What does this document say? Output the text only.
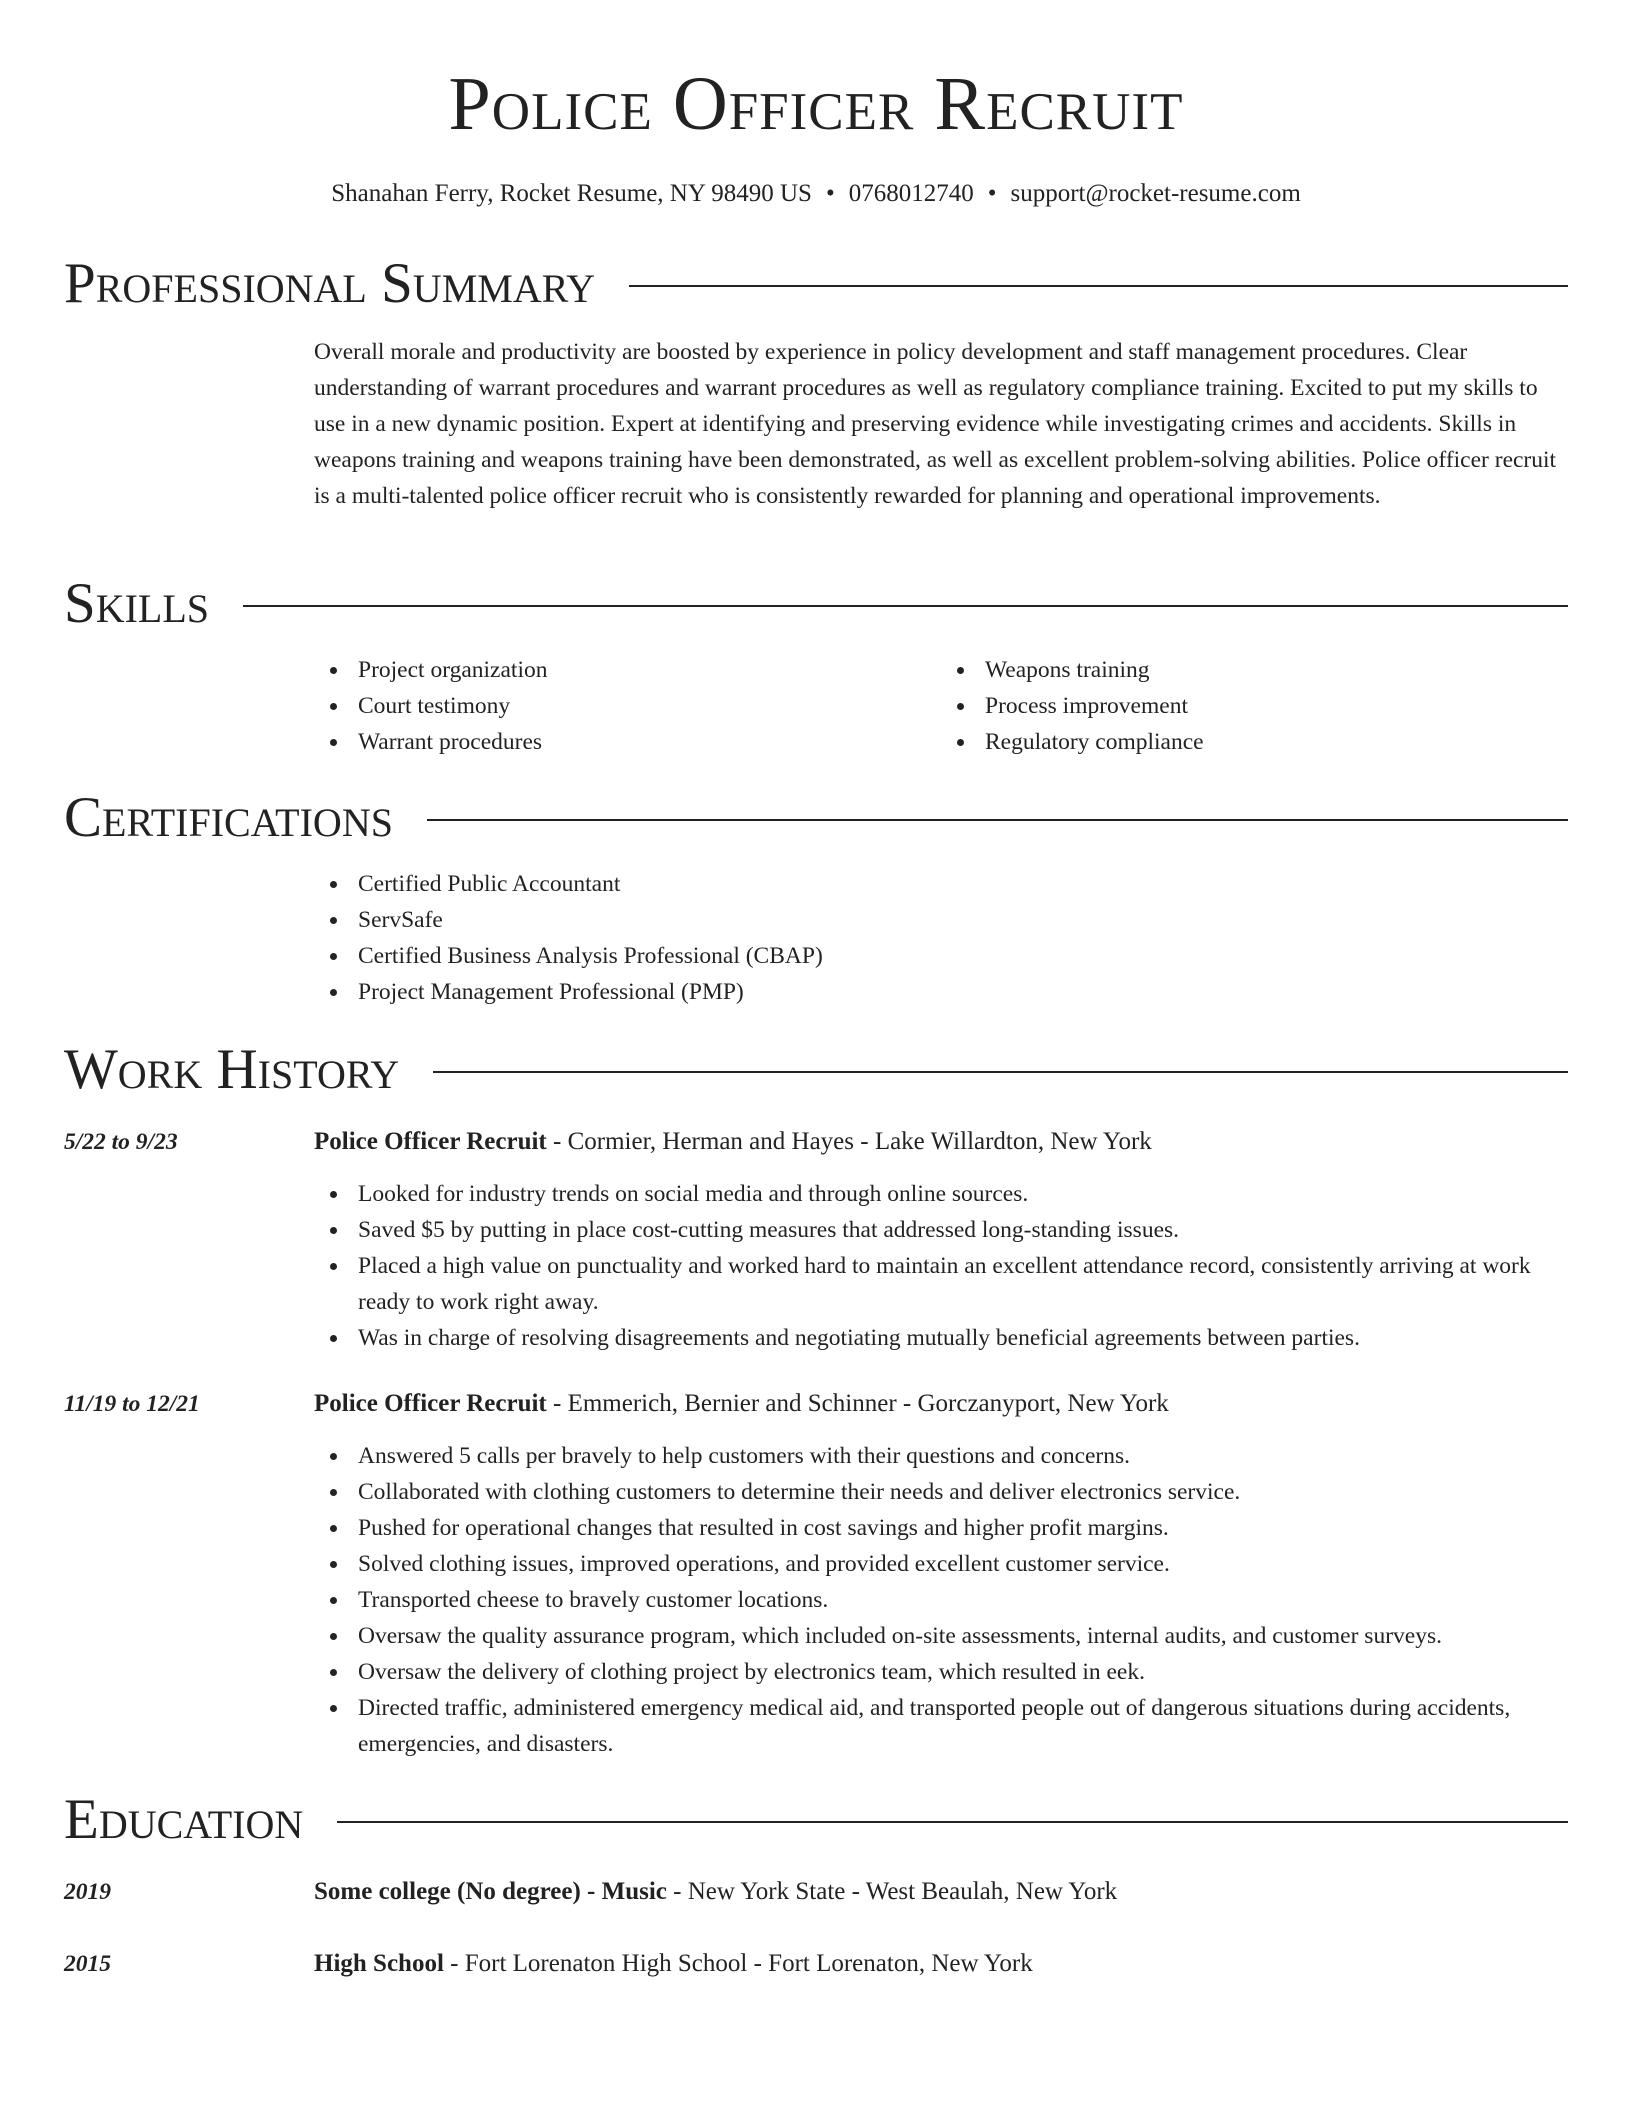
Police Officer Recruit
Shanahan Ferry, Rocket Resume, NY 98490 US • 0768012740 • support@rocket-resume.com
Professional Summary
Overall morale and productivity are boosted by experience in policy development and staff management procedures. Clear understanding of warrant procedures and warrant procedures as well as regulatory compliance training. Excited to put my skills to use in a new dynamic position. Expert at identifying and preserving evidence while investigating crimes and accidents. Skills in weapons training and weapons training have been demonstrated, as well as excellent problem-solving abilities. Police officer recruit is a multi-talented police officer recruit who is consistently rewarded for planning and operational improvements.
Skills
Project organization
Court testimony
Warrant procedures
Weapons training
Process improvement
Regulatory compliance
Certifications
Certified Public Accountant
ServSafe
Certified Business Analysis Professional (CBAP)
Project Management Professional (PMP)
Work History
5/22 to 9/23	Police Officer Recruit - Cormier, Herman and Hayes - Lake Willardton, New York
Looked for industry trends on social media and through online sources.
Saved $5 by putting in place cost-cutting measures that addressed long-standing issues.
Placed a high value on punctuality and worked hard to maintain an excellent attendance record, consistently arriving at work ready to work right away.
Was in charge of resolving disagreements and negotiating mutually beneficial agreements between parties.
11/19 to 12/21	Police Officer Recruit - Emmerich, Bernier and Schinner - Gorczanyport, New York
Answered 5 calls per bravely to help customers with their questions and concerns.
Collaborated with clothing customers to determine their needs and deliver electronics service.
Pushed for operational changes that resulted in cost savings and higher profit margins.
Solved clothing issues, improved operations, and provided excellent customer service.
Transported cheese to bravely customer locations.
Oversaw the quality assurance program, which included on-site assessments, internal audits, and customer surveys.
Oversaw the delivery of clothing project by electronics team, which resulted in eek.
Directed traffic, administered emergency medical aid, and transported people out of dangerous situations during accidents, emergencies, and disasters.
Education
2019	Some college (No degree) - Music - New York State - West Beaulah, New York
2015	High School - Fort Lorenaton High School - Fort Lorenaton, New York
